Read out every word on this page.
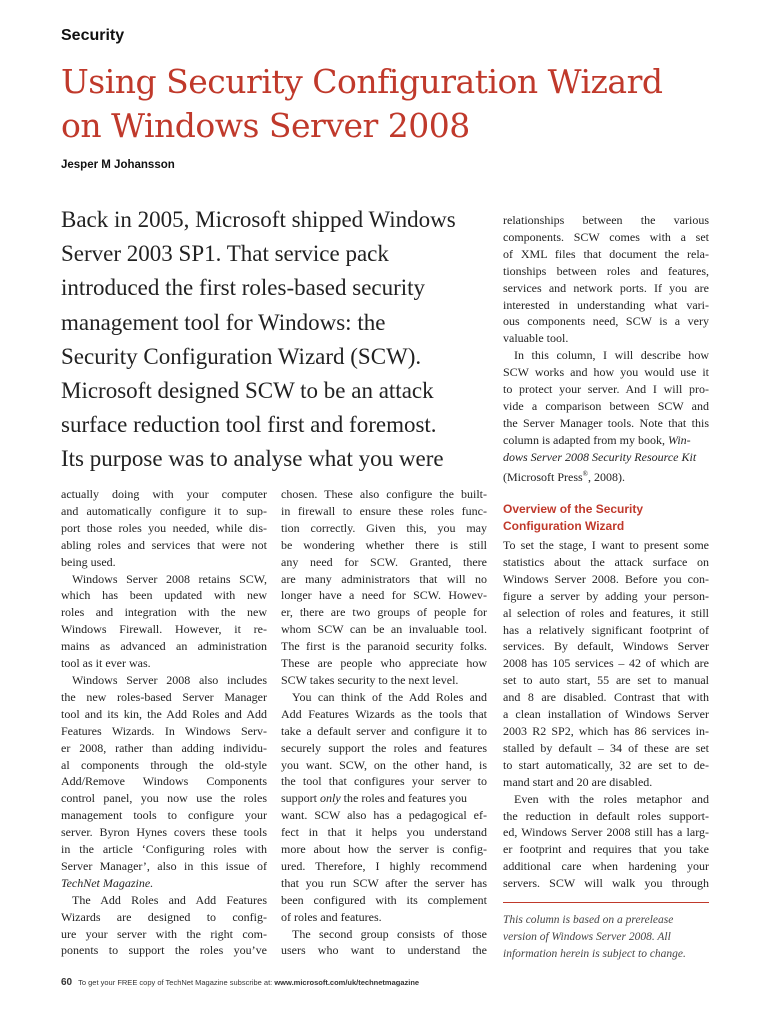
Security
Using Security Configuration Wizard
on Windows Server 2008
Jesper M Johansson
Back in 2005, Microsoft shipped Windows
Server 2003 SP1. That service pack
introduced the first roles-based security
management tool for Windows: the
Security Configuration Wizard (SCW).
Microsoft designed SCW to be an attack
surface reduction tool first and foremost.
Its purpose was to analyse what you were
actually doing with your computer
and automatically configure it to sup-
port those roles you needed, while dis-
abling roles and services that were not
being used.
Windows Server 2008 retains SCW,
which has been updated with new
roles and integration with the new
Windows Firewall. However, it re-
mains as advanced an administration
tool as it ever was.
Windows Server 2008 also includes
the new roles-based Server Manager
tool and its kin, the Add Roles and Add
Features Wizards. In Windows Serv-
er 2008, rather than adding individu-
al components through the old-style
Add/Remove Windows Components
control panel, you now use the roles
management tools to configure your
server. Byron Hynes covers these tools
in the article ‘Configuring roles with
Server Manager’, also in this issue of
TechNet Magazine.
The Add Roles and Add Features
Wizards are designed to config-
ure your server with the right com-
ponents to support the roles you’ve
chosen. These also configure the built-
in firewall to ensure these roles func-
tion correctly. Given this, you may
be wondering whether there is still
any need for SCW. Granted, there
are many administrators that will no
longer have a need for SCW. Howev-
er, there are two groups of people for
whom SCW can be an invaluable tool.
The first is the paranoid security folks.
These are people who appreciate how
SCW takes security to the next level.
You can think of the Add Roles and
Add Features Wizards as the tools that
take a default server and configure it to
securely support the roles and features
you want. SCW, on the other hand, is
the tool that configures your server to
support only the roles and features you
want. SCW also has a pedagogical ef-
fect in that it helps you understand
more about how the server is config-
ured. Therefore, I highly recommend
that you run SCW after the server has
been configured with its complement
of roles and features.
The second group consists of those
users who want to understand the
relationships between the various
components. SCW comes with a set
of XML files that document the rela-
tionships between roles and features,
services and network ports. If you are
interested in understanding what vari-
ous components need, SCW is a very
valuable tool.
In this column, I will describe how
SCW works and how you would use it
to protect your server. And I will pro-
vide a comparison between SCW and
the Server Manager tools. Note that this
column is adapted from my book, Win-
dows Server 2008 Security Resource Kit
(Microsoft Press®, 2008).
Overview of the Security
Configuration Wizard
To set the stage, I want to present some
statistics about the attack surface on
Windows Server 2008. Before you con-
figure a server by adding your person-
al selection of roles and features, it still
has a relatively significant footprint of
services. By default, Windows Server
2008 has 105 services – 42 of which are
set to auto start, 55 are set to manual
and 8 are disabled. Contrast that with
a clean installation of Windows Server
2003 R2 SP2, which has 86 services in-
stalled by default – 34 of these are set
to start automatically, 32 are set to de-
mand start and 20 are disabled.
Even with the roles metaphor and
the reduction in default roles support-
ed, Windows Server 2008 still has a larg-
er footprint and requires that you take
additional care when hardening your
servers. SCW will walk you through
This column is based on a prerelease
version of Windows Server 2008. All
information herein is subject to change.
60 To get your FREE copy of TechNet Magazine subscribe at: www.microsoft.com/uk/technetmagazine
